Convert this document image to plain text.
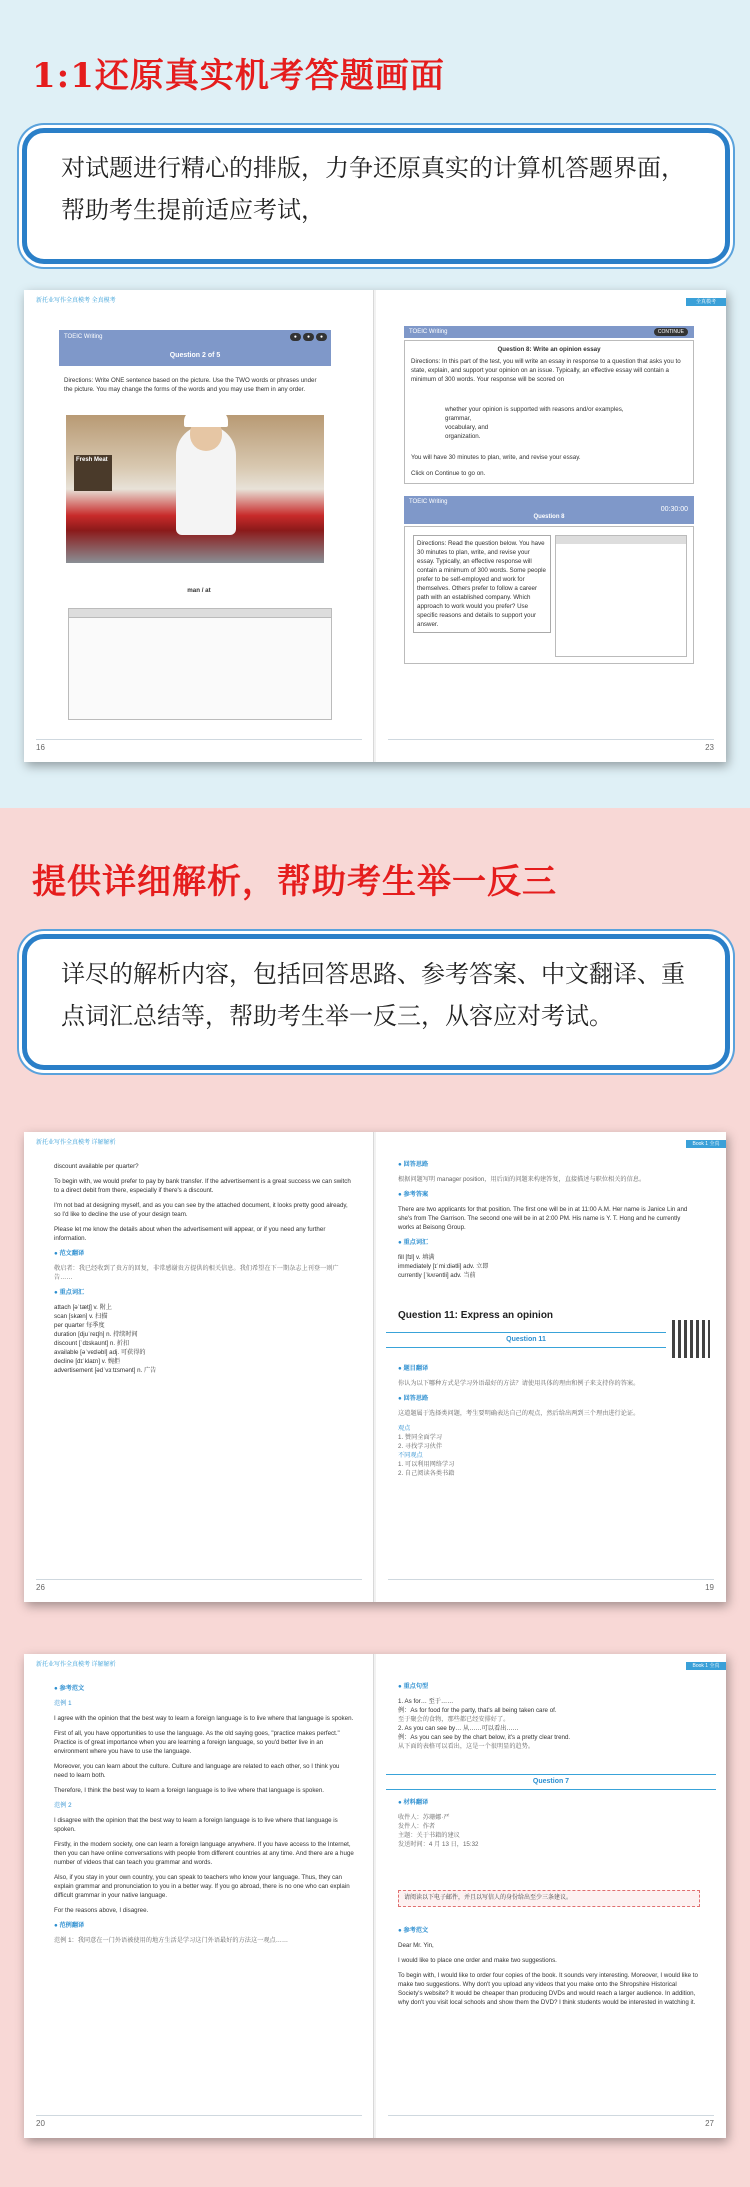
1:1还原真实机考答题画面

对试题进行精心的排版，力争还原真实的计算机答题界面，帮助考生提前适应考试，

新托业写作全真模考 全真模考
TOEIC Writing	● ● ●
Question 2 of 5
Directions: Write ONE sentence based on the picture. Use the TWO words or phrases under the picture. You may change the forms of the words and you may use them in any order.
Fresh Meat
man / at
16
全真模考
TOEIC Writing	CONTINUE
Question 8: Write an opinion essay
Directions: In this part of the test, you will write an essay in response to a question that asks you to state, explain, and support your opinion on an issue. Typically, an effective essay will contain a minimum of 300 words. Your response will be scored on
whether your opinion is supported with reasons and/or examples,
grammar,
vocabulary, and
organization.
You will have 30 minutes to plan, write, and revise your essay.
Click on Continue to go on.
TOEIC Writing
00:30:00
Question 8
Directions: Read the question below. You have 30 minutes to plan, write, and revise your essay. Typically, an effective response will contain a minimum of 300 words. Some people prefer to be self-employed and work for themselves. Others prefer to follow a career path with an established company. Which approach to work would you prefer? Use specific reasons and details to support your answer.
23
提供详细解析，帮助考生举一反三

详尽的解析内容，包括回答思路、参考答案、中文翻译、重点词汇总结等，帮助考生举一反三，从容应对考试。

新托业写作全真模考 详解解析

discount available per quarter?

To begin with, we would prefer to pay by bank transfer. If the advertisement is a great success we can switch to a direct debit from there, especially if there's a discount.

I'm not bad at designing myself, and as you can see by the attached document, it looks pretty good already, so I'd like to decline the use of your design team.

Please let me know the details about when the advertisement will appear, or if you need any further information.

● 范文翻译

敬启者：我已经收到了贵方的回复，非常感谢贵方提供的相关信息。我们希望在下一期杂志上刊登一则广告……

● 重点词汇

attach [əˈtætʃ] v. 附上
scan [skæn] v. 扫描
per quarter 每季度
duration [djuˈreɪʃn] n. 持续时间
discount [ˈdɪskaʊnt] n. 折扣
available [əˈveɪləbl] adj. 可获得的
decline [dɪˈklaɪn] v. 婉拒
advertisement [ədˈvɜːtɪsmənt] n. 广告
26
Book 1 全真

● 回答思路

根据问题写明 manager position，用后面的问题来构建答复，直接描述与职位相关的信息。

● 参考答案

There are two applicants for that position. The first one will be in at 11:00 A.M. Her name is Janice Lin and she's from The Garrison. The second one will be in at 2:00 PM. His name is Y. T. Hong and he currently works at Beisong Group.

● 重点词汇

fill [fɪl] v. 填满
immediately [ɪˈmiːdiətli] adv. 立即
currently [ˈkʌrəntli] adv. 当前
Question 11: Express an opinion
Question 11

● 题目翻译

你认为以下哪种方式是学习外语最好的方法？请使用具体的理由和例子来支持你的答案。

● 回答思路

这道题属于选择类问题，考生要明确表达自己的观点，然后给出两到三个理由进行论证。

观点
1. 赞同全面学习
2. 寻找学习伙伴
不同观点
1. 可以利用网络学习
2. 自己阅读各类书籍
19
新托业写作全真模考 详解解析

● 参考范文

范例 1

I agree with the opinion that the best way to learn a foreign language is to live where that language is spoken.

First of all, you have opportunities to use the language. As the old saying goes, "practice makes perfect." Practice is of great importance when you are learning a foreign language, so you'd better live in an environment where you have to use the language.

Moreover, you can learn about the culture. Culture and language are related to each other, so I think you need to learn both.

Therefore, I think the best way to learn a foreign language is to live where that language is spoken.

范例 2

I disagree with the opinion that the best way to learn a foreign language is to live where that language is spoken.

Firstly, in the modern society, one can learn a foreign language anywhere. If you have access to the Internet, then you can have online conversations with people from different countries at any time. And there are a huge number of videos that can teach you grammar and words.

Also, if you stay in your own country, you can speak to teachers who know your language. Thus, they can explain grammar and pronunciation to you in a better way. If you go abroad, there is no one who can explain difficult grammar in your native language.

For the reasons above, I disagree.

● 范例翻译

范例 1：我同意在一门外语被使用的地方生活是学习这门外语最好的方法这一观点……

20
Book 1 全真

● 重点句型

1. As for… 至于……
例：As for food for the party, that's all being taken care of.
至于聚会的食物，那些都已经安排好了。
2. As you can see by… 从……可以看出……
例：As you can see by the chart below, it's a pretty clear trend.
从下面的表格可以看出，这是一个很明显的趋势。
Question 7

● 材料翻译

收件人：苏珊娜·严
发件人：作者
主题：关于书籍的建议
发送时间：4 月 13 日，15:32

请阅读以下电子邮件，并且以写信人的身份给出至少三条建议。

● 参考范文

Dear Mr. Yin,

I would like to place one order and make two suggestions.

To begin with, I would like to order four copies of the book. It sounds very interesting. Moreover, I would like to make two suggestions. Why don't you upload any videos that you make onto the Shropshire Historical Society's website? It would be cheaper than producing DVDs and would reach a larger audience. In addition, why don't you visit local schools and show them the DVD? I think students would be interested in watching it.

27
